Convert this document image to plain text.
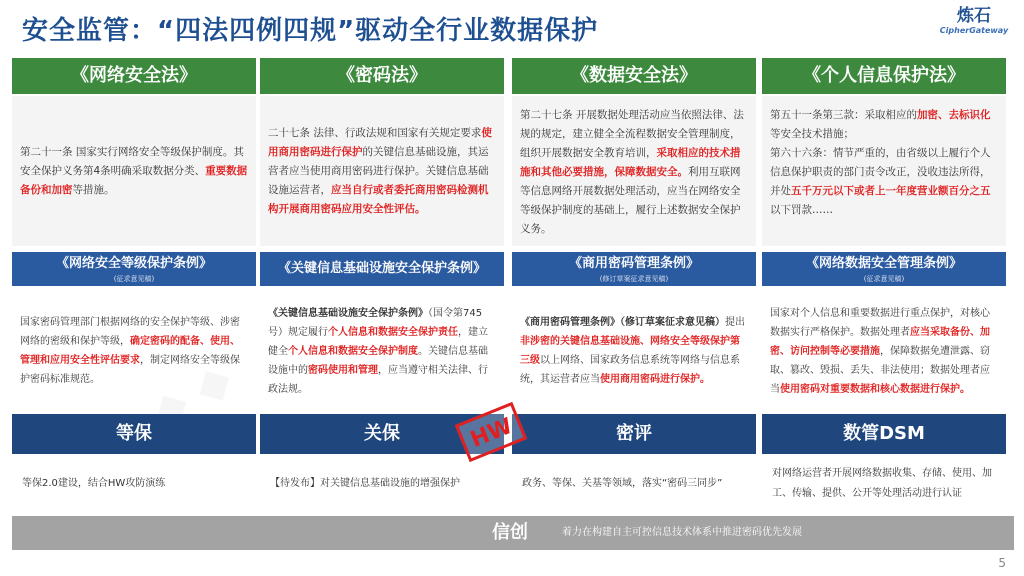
安全监管：“四法四例四规”驱动全行业数据保护	炼石
CipherGateway
《网络安全法》
第二十一条 国家实行网络安全等级保护制度。其安全保护义务第4条明确采取数据分类、重要数据备份和加密等措施。
《网络安全等级保护条例》
(征求意见稿)
国家密码管理部门根据网络的安全保护等级、涉密网络的密级和保护等级，确定密码的配备、使用、管理和应用安全性评估要求，制定网络安全等级保护密码标准规范。
等保
等保2.0建设，结合HW攻防演练
《密码法》
二十七条 法律、行政法规和国家有关规定要求使用商用密码进行保护的关键信息基础设施，其运营者应当使用商用密码进行保护。关键信息基础设施运营者，应当自行或者委托商用密码检测机构开展商用密码应用安全性评估。
《关键信息基础设施安全保护条例》
《关键信息基础设施安全保护条例》（国令第745号）规定履行个人信息和数据安全保护责任，建立健全个人信息和数据安全保护制度。关键信息基础设施中的密码使用和管理，应当遵守相关法律、行政法规。
关保
【待发布】对关键信息基础设施的增强保护
《数据安全法》
第二十七条 开展数据处理活动应当依照法律、法规的规定，建立健全全流程数据安全管理制度，组织开展数据安全教育培训，采取相应的技术措施和其他必要措施，保障数据安全。利用互联网等信息网络开展数据处理活动，应当在网络安全等级保护制度的基础上，履行上述数据安全保护义务。
《商用密码管理条例》
(修订草案征求意见稿)
《商用密码管理条例》（修订草案征求意见稿）提出非涉密的关键信息基础设施、网络安全等级保护第三级以上网络、国家政务信息系统等网络与信息系统，其运营者应当使用商用密码进行保护。
密评
政务、等保、关基等领域，落实“密码三同步”
《个人信息保护法》
第五十一条第三款：采取相应的加密、去标识化等安全技术措施；
第六十六条：情节严重的，由省级以上履行个人信息保护职责的部门责令改正，没收违法所得，并处五千万元以下或者上一年度营业额百分之五以下罚款……
《网络数据安全管理条例》
(征求意见稿)
国家对个人信息和重要数据进行重点保护，对核心数据实行严格保护。数据处理者应当采取备份、加密、访问控制等必要措施，保障数据免遭泄露、窃取、篡改、毁损、丢失、非法使用；数据处理者应当使用密码对重要数据和核心数据进行保护。
数管DSM
对网络运营者开展网络数据收集、存储、使用、加工、传输、提供、公开等处理活动进行认证
HW
信创	着力在构建自主可控信息技术体系中推进密码优先发展
5
